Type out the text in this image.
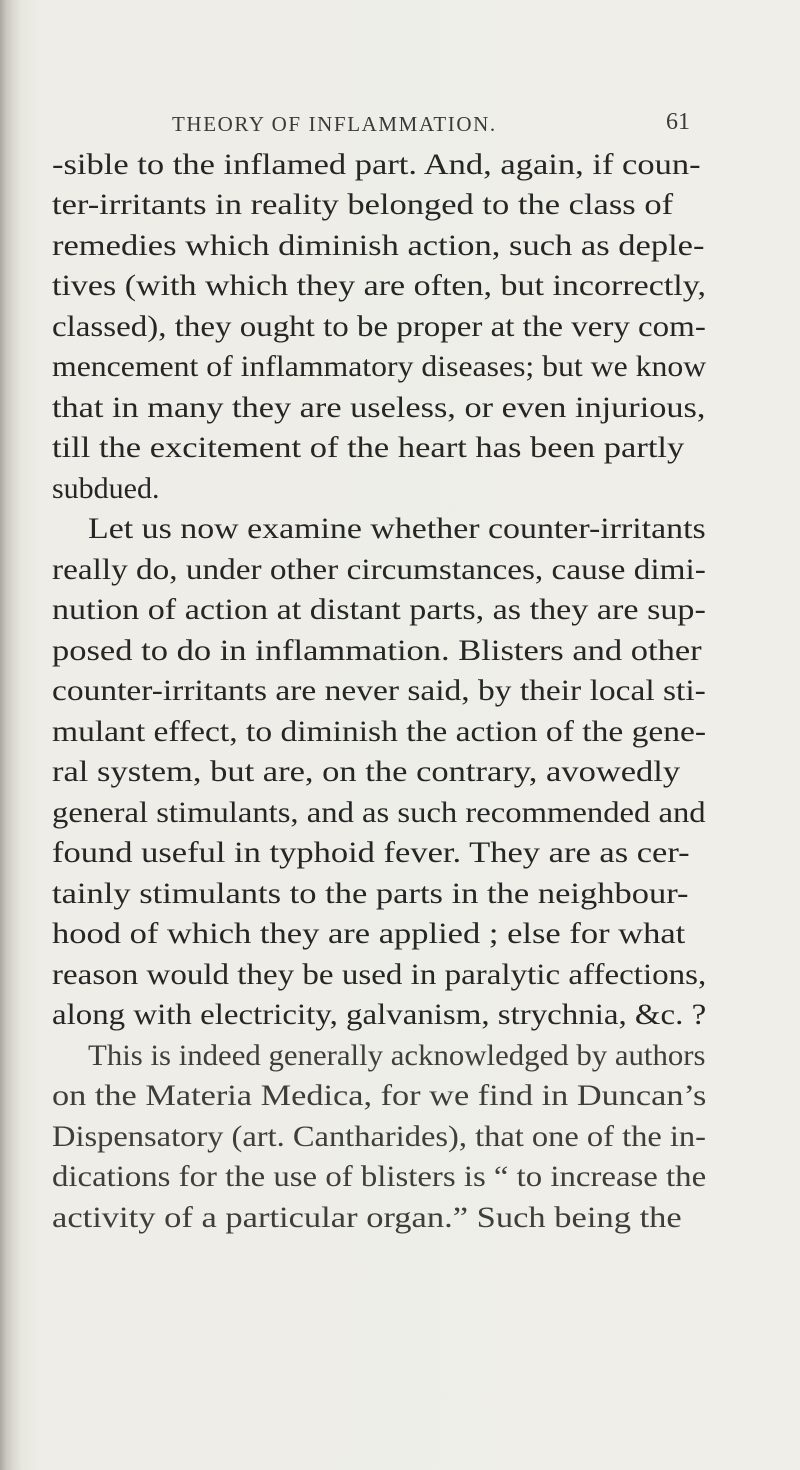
THEORY OF INFLAMMATION.	61
-sible to the inflamed part. And, again, if coun-
ter-irritants in reality belonged to the class of
remedies which diminish action, such as deple-
tives (with which they are often, but incorrectly,
classed), they ought to be proper at the very com-
mencement of inflammatory diseases; but we know
that in many they are useless, or even injurious,
till the excitement of the heart has been partly
subdued.
Let us now examine whether counter-irritants
really do, under other circumstances, cause dimi-
nution of action at distant parts, as they are sup-
posed to do in inflammation. Blisters and other
counter-irritants are never said, by their local sti-
mulant effect, to diminish the action of the gene-
ral system, but are, on the contrary, avowedly
general stimulants, and as such recommended and
found useful in typhoid fever. They are as cer-
tainly stimulants to the parts in the neighbour-
hood of which they are applied ; else for what
reason would they be used in paralytic affections,
along with electricity, galvanism, strychnia, &c. ?
This is indeed generally acknowledged by authors
on the Materia Medica, for we find in Duncan’s
Dispensatory (art. Cantharides), that one of the in-
dications for the use of blisters is “ to increase the
activity of a particular organ.” Such being the
